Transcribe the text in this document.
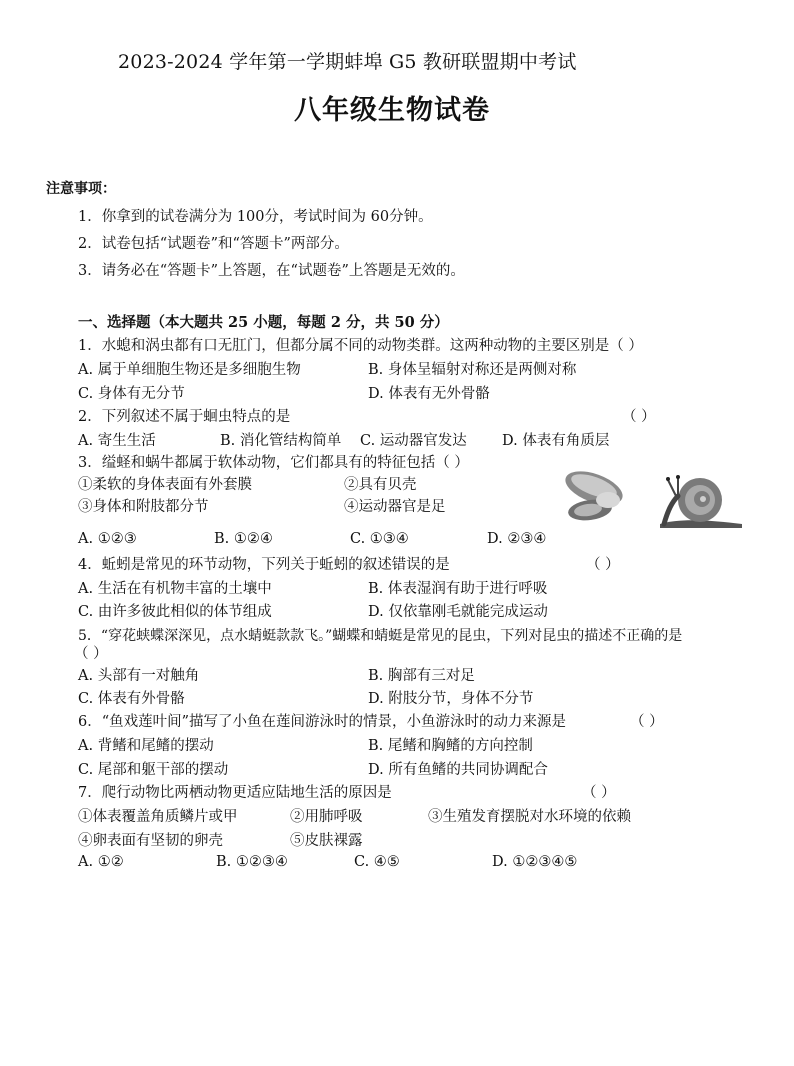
2023-2024 学年第一学期蚌埠 G5 教研联盟期中考试
八年级生物试卷
注意事项：
1．你拿到的试卷满分为 100分，考试时间为 60分钟。
2．试卷包括“试题卷”和“答题卡”两部分。
3．请务必在“答题卡”上答题，在“试题卷”上答题是无效的。
一、选择题（本大题共 25 小题，每题 2 分，共 50 分）
1．水螅和涡虫都有口无肛门，但都分属不同的动物类群。这两种动物的主要区别是（ ）
A. 属于单细胞生物还是多细胞生物	B. 身体呈辐射对称还是两侧对称
C. 身体有无分节	D. 体表有无外骨骼
2．下列叙述不属于蛔虫特点的是	（ ）
A. 寄生生活	B. 消化管结构简单 C. 运动器官发达 D. 体表有角质层
3．缢蛏和蜗牛都属于软体动物，它们都具有的特征包括（ ）
①柔软的身体表面有外套膜	②具有贝壳
③身体和附肢都分节	④运动器官是足
A. ①②③	B. ①②④	C. ①③④	D. ②③④
4．蚯蚓是常见的环节动物，下列关于蚯蚓的叙述错误的是	（ ）
A. 生活在有机物丰富的土壤中	B. 体表湿润有助于进行呼吸
C. 由许多彼此相似的体节组成	D. 仅依靠刚毛就能完成运动
5．“穿花蛱蝶深深见，点水蜻蜓款款飞。”蝴蝶和蜻蜓是常见的昆虫，下列对昆虫的描述不正确的是
（ ）
A. 头部有一对触角	B. 胸部有三对足
C. 体表有外骨骼	D. 附肢分节，身体不分节
6．“鱼戏莲叶间”描写了小鱼在莲间游泳时的情景，小鱼游泳时的动力来源是	（ ）
A. 背鳍和尾鳍的摆动	B. 尾鳍和胸鳍的方向控制
C. 尾部和躯干部的摆动	D. 所有鱼鳍的共同协调配合
7．爬行动物比两栖动物更适应陆地生活的原因是	（ ）
①体表覆盖角质鳞片或甲	②用肺呼吸	③生殖发育摆脱对水环境的依赖
④卵表面有坚韧的卵壳	⑤皮肤裸露
A. ①②	B. ①②③④	C. ④⑤	D. ①②③④⑤
